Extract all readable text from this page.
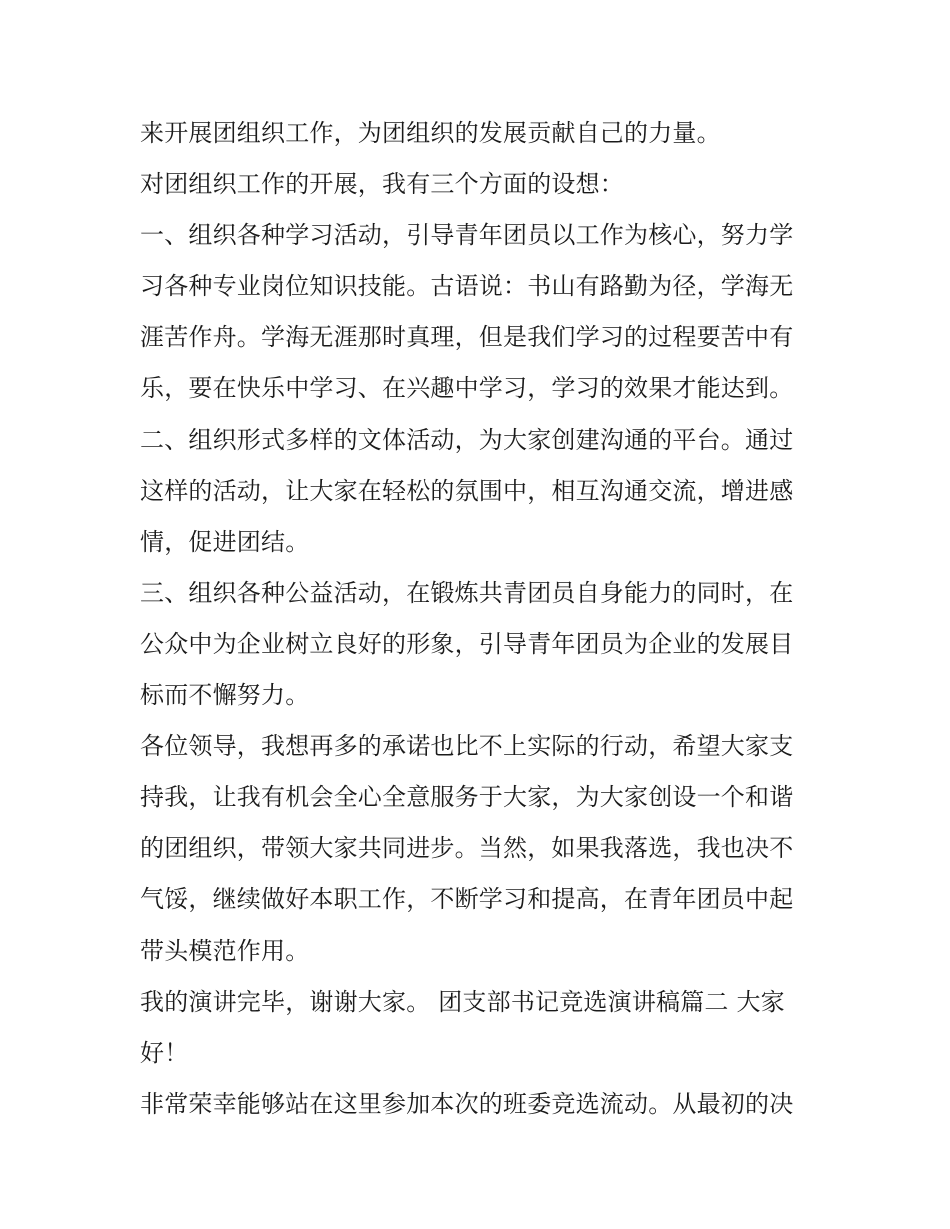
来开展团组织工作，为团组织的发展贡献自己的力量。
对团组织工作的开展，我有三个方面的设想：
一、组织各种学习活动，引导青年团员以工作为核心，努力学
习各种专业岗位知识技能。古语说：书山有路勤为径，学海无
涯苦作舟。学海无涯那时真理，但是我们学习的过程要苦中有
乐，要在快乐中学习、在兴趣中学习，学习的效果才能达到。
二、组织形式多样的文体活动，为大家创建沟通的平台。通过
这样的活动，让大家在轻松的氛围中，相互沟通交流，增进感
情，促进团结。
三、组织各种公益活动，在锻炼共青团员自身能力的同时，在
公众中为企业树立良好的形象，引导青年团员为企业的发展目
标而不懈努力。
各位领导，我想再多的承诺也比不上实际的行动，希望大家支
持我，让我有机会全心全意服务于大家，为大家创设一个和谐
的团组织，带领大家共同进步。当然，如果我落选，我也决不
气馁，继续做好本职工作，不断学习和提高，在青年团员中起
带头模范作用。
我的演讲完毕，谢谢大家。 团支部书记竞选演讲稿篇二 大家
好！
非常荣幸能够站在这里参加本次的班委竞选流动。从最初的决
